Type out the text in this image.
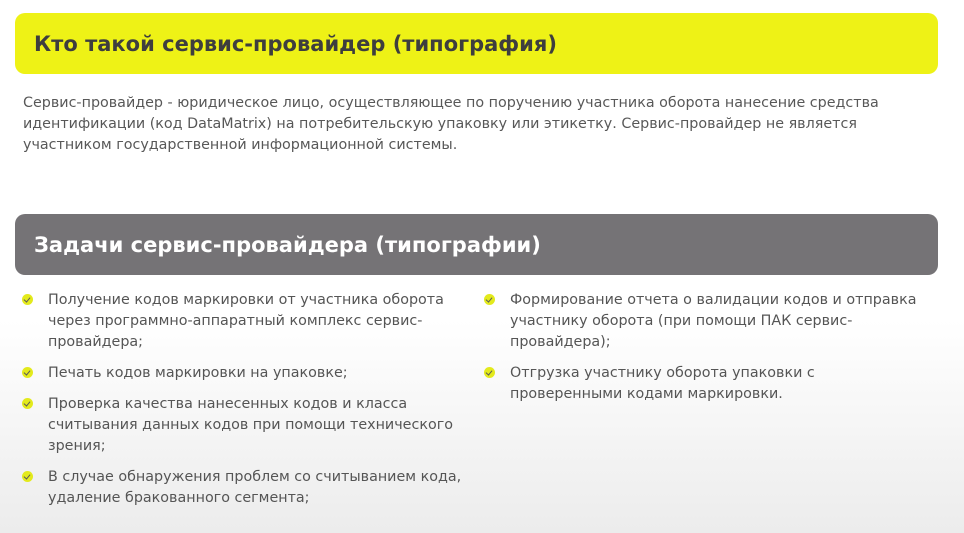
Кто такой сервис-провайдер (типография)

Сервис-провайдер - юридическое лицо, осуществляющее по поручению участника оборота нанесение средства идентификации (код DataMatrix) на потребительскую упаковку или этикетку. Сервис-провайдер не является участником государственной информационной системы.

Задачи сервис-провайдера (типографии)
Получение кодов маркировки от участника оборота через программно-аппаратный комплекс сервис-провайдера;
Печать кодов маркировки на упаковке;
Проверка качества нанесенных кодов и класса считывания данных кодов при помощи технического зрения;
В случае обнаружения проблем со считыванием кода, удаление бракованного сегмента;
Формирование отчета о валидации кодов и отправка участнику оборота (при помощи ПАК сервис-провайдера);
Отгрузка участнику оборота упаковки с проверенными кодами маркировки.
